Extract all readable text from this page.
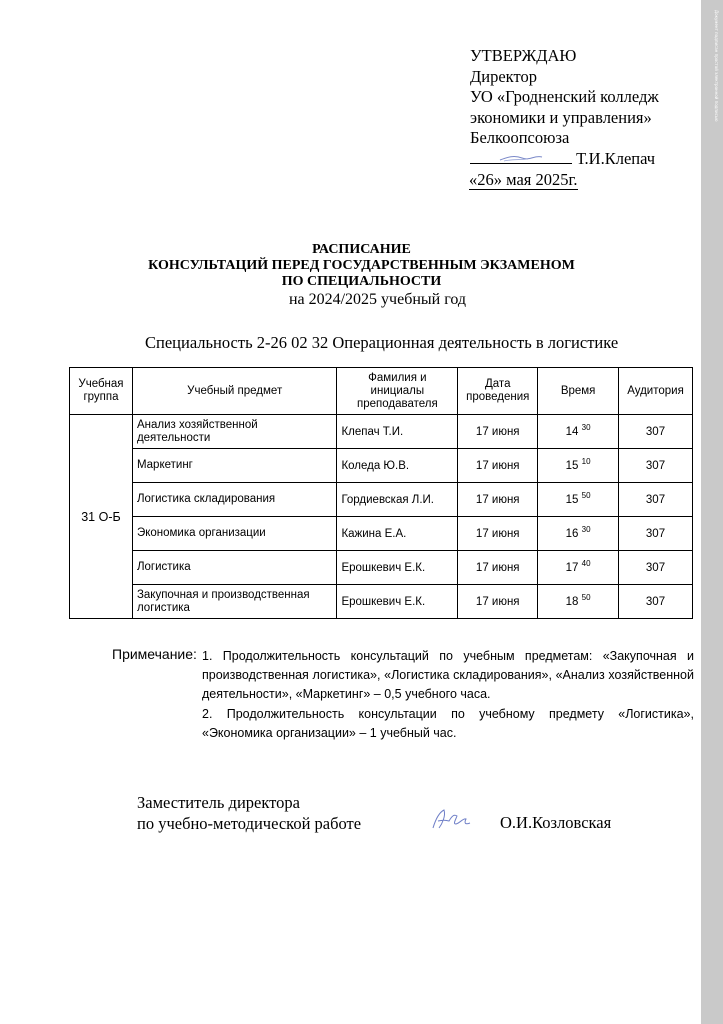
УТВЕРЖДАЮ
Директор
УО «Гродненский колледж
экономики и управления»
Белкоопсоюза
Т.И.Клепач
«26» мая 2025г.
РАСПИСАНИЕ
КОНСУЛЬТАЦИЙ ПЕРЕД ГОСУДАРСТВЕННЫМ ЭКЗАМЕНОМ
ПО СПЕЦИАЛЬНОСТИ
на 2024/2025 учебный год
Специальность 2-26 02 32 Операционная деятельность в логистике
Учебная группа	Учебный предмет	Фамилия и инициалы преподавателя	Дата проведения	Время	Аудитория
31 О-Б	Анализ хозяйственной деятельности	Клепач Т.И.	17 июня	14 $^{30}$	307
	Маркетинг	Коледа Ю.В.	17 июня	15 $^{10}$	307
	Логистика складирования	Гордиевская Л.И.	17 июня	15 $^{50}$	307
	Экономика организации	Кажина Е.А.	17 июня	16 $^{30}$	307
	Логистика	Ерошкевич Е.К.	17 июня	17 $^{40}$	307
	Закупочная и производственная логистика	Ерошкевич Е.К.	17 июня	18 $^{50}$	307
Примечание: 1. Продолжительность консультаций по учебным предметам: «Закупочная и производственная логистика», «Логистика складирования», «Анализ хозяйственной деятельности», «Маркетинг» – 0,5 учебного часа.

2. Продолжительность консультации по учебному предмету «Логистика», «Экономика организации» – 1 учебный час.

Заместитель директора
по учебно-методической работе	О.И.Козловская
Документ подписан простой электронной подписью
